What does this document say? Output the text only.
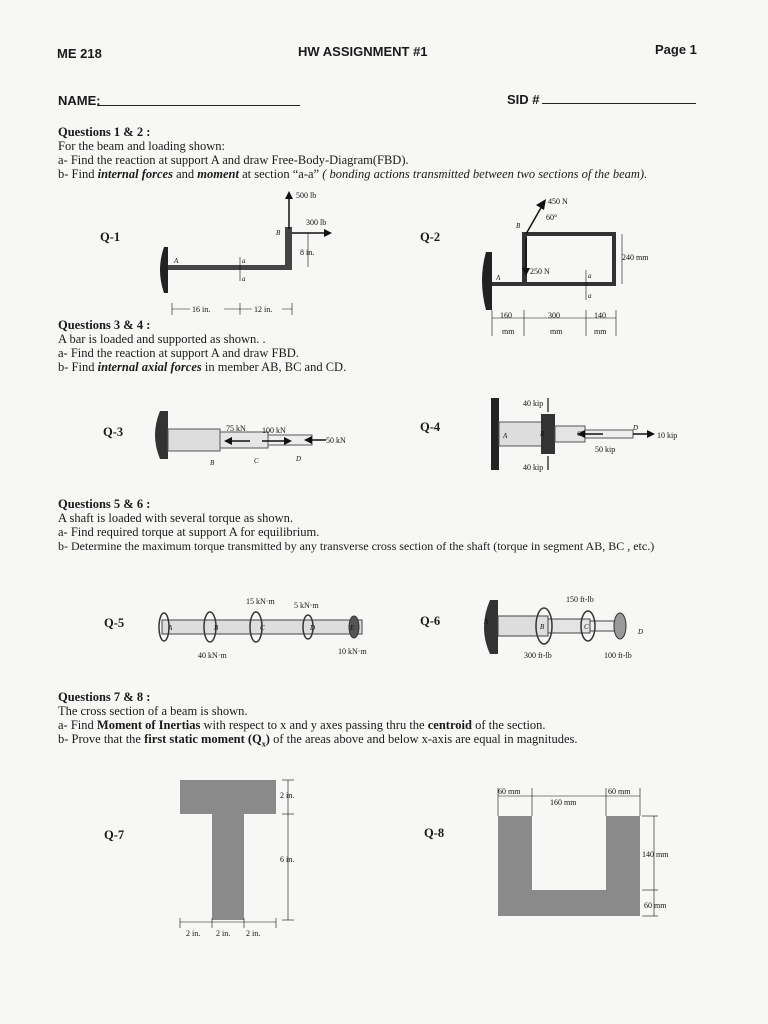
ME 218	HW ASSIGNMENT #1	Page 1
NAME:	SID #
Questions 1 & 2 :
For the beam and loading shown:
a- Find the reaction at support A and draw Free-Body-Diagram(FBD).
b- Find internal forces and moment at section “a-a” ( bonding actions transmitted between two sections of the beam).
Q-1	Q-2
500 lb
300 lb
8 in.
A
B
a
a
16 in.	12 in.
450 N
60°
B
250 N
A	a
a
240 mm
160
mm
300
mm
140
mm
Questions 3 & 4 :
A bar is loaded and supported as shown. .
a- Find the reaction at support A and draw FBD.
b- Find internal axial forces in member AB, BC and CD.
Q-3	Q-4
75 kN 100 kN
50 kN
B	C	D
40 kip
40 kip
A	B
D
50 kip
10 kip
Questions 5 & 6 :
A shaft is loaded with several torque as shown.
a- Find required torque at support A for equilibrium.
b- Determine the maximum torque transmitted by any transverse cross section of the shaft (torque in segment AB, BC , etc.)
Q-5	Q-6
A	B	C	D	E
15 kN·m 5 kN·m
40 kN·m	10 kN·m
A
B	C
D
150 ft-lb
300 ft-lb	100 ft-lb
Questions 7 & 8 :
The cross section of a beam is shown.
a- Find Moment of Inertias with respect to x and y axes passing thru the centroid of the section.
b- Prove that the first static moment $(Q_x)$ of the areas above and below x-axis are equal in magnitudes.
Q-7	Q-8
2 in.
6 in.
2 in. 2 in. 2 in.
60 mm
160 mm
60 mm
140 mm
60 mm
